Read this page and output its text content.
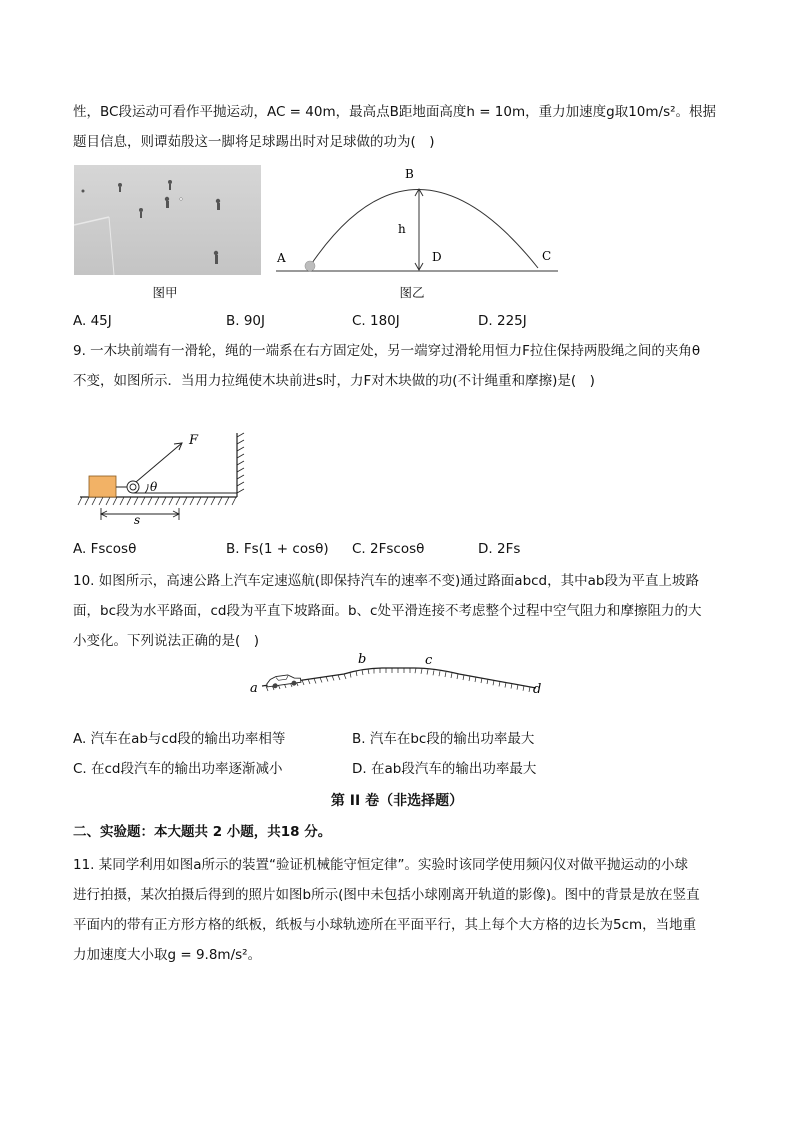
性，BC段运动可看作平抛运动，AC = 40m，最高点B距地面高度h = 10m，重力加速度g取10m/s²。根据
题目信息，则谭茹殷这一脚将足球踢出时对足球做的功为(　)
图甲
A
B
C
D
h
图乙
A. 45J	B. 90J	C. 180J	D. 225J
9. 一木块前端有一滑轮，绳的一端系在右方固定处，另一端穿过滑轮用恒力F拉住保持两股绳之间的夹角θ
不变，如图所示．当用力拉绳使木块前进s时，力F对木块做的功(不计绳重和摩擦)是(　)
F
θ
s
A. Fscosθ	B. Fs(1 + cosθ) C. 2Fscosθ	D. 2Fs
10. 如图所示，高速公路上汽车定速巡航(即保持汽车的速率不变)通过路面abcd，其中ab段为平直上坡路
面，bc段为水平路面，cd段为平直下坡路面。b、c处平滑连接不考虑整个过程中空气阻力和摩擦阻力的大
小变化。下列说法正确的是(　)
a
b	c
d
A. 汽车在ab与cd段的输出功率相等	B. 汽车在bc段的输出功率最大
C. 在cd段汽车的输出功率逐渐减小	D. 在ab段汽车的输出功率最大
第 II 卷（非选择题）
二、实验题：本大题共 2 小题，共18 分。
11. 某同学利用如图a所示的装置“验证机械能守恒定律”。实验时该同学使用频闪仪对做平抛运动的小球
进行拍摄，某次拍摄后得到的照片如图b所示(图中未包括小球刚离开轨道的影像)。图中的背景是放在竖直
平面内的带有正方形方格的纸板，纸板与小球轨迹所在平面平行，其上每个大方格的边长为5cm，当地重
力加速度大小取g = 9.8m/s²。
